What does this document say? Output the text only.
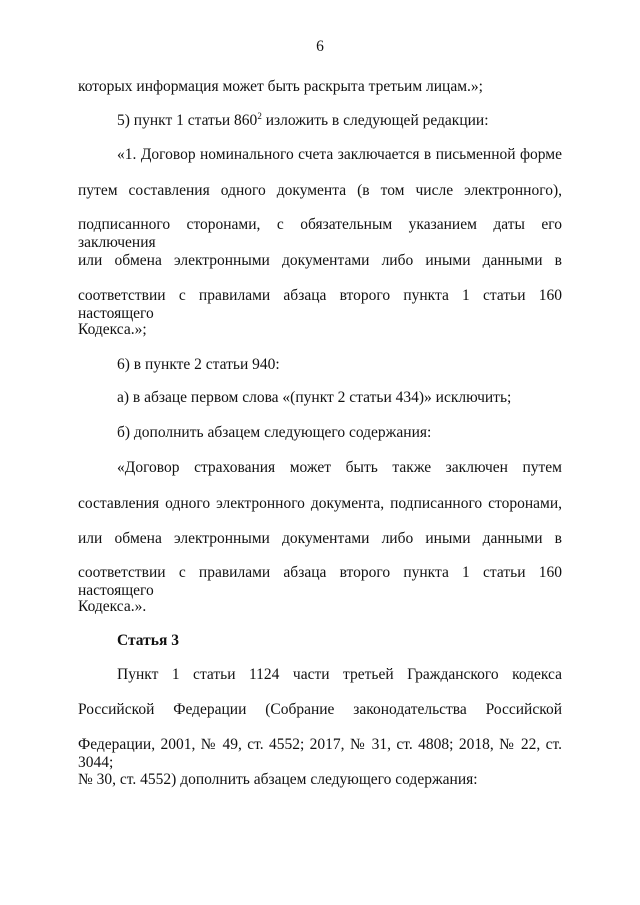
6
которых информация может быть раскрыта третьим лицам.»;
5) пункт 1 статьи $860^2$ изложить в следующей редакции:
«1. Договор номинального счета заключается в письменной форме
путем составления одного документа (в том числе электронного),
подписанного сторонами, с обязательным указанием даты его заключения
или обмена электронными документами либо иными данными в
соответствии с правилами абзаца второго пункта 1 статьи 160 настоящего
Кодекса.»;
6) в пункте 2 статьи 940:
а) в абзаце первом слова «(пункт 2 статьи 434)» исключить;
б) дополнить абзацем следующего содержания:
«Договор страхования может быть также заключен путем
составления одного электронного документа, подписанного сторонами,
или обмена электронными документами либо иными данными в
соответствии с правилами абзаца второго пункта 1 статьи 160 настоящего
Кодекса.».
Статья 3
Пункт 1 статьи 1124 части третьей Гражданского кодекса
Российской Федерации (Собрание законодательства Российской
Федерации, 2001, № 49, ст. 4552; 2017, № 31, ст. 4808; 2018, № 22, ст. 3044;
№ 30, ст. 4552) дополнить абзацем следующего содержания:
